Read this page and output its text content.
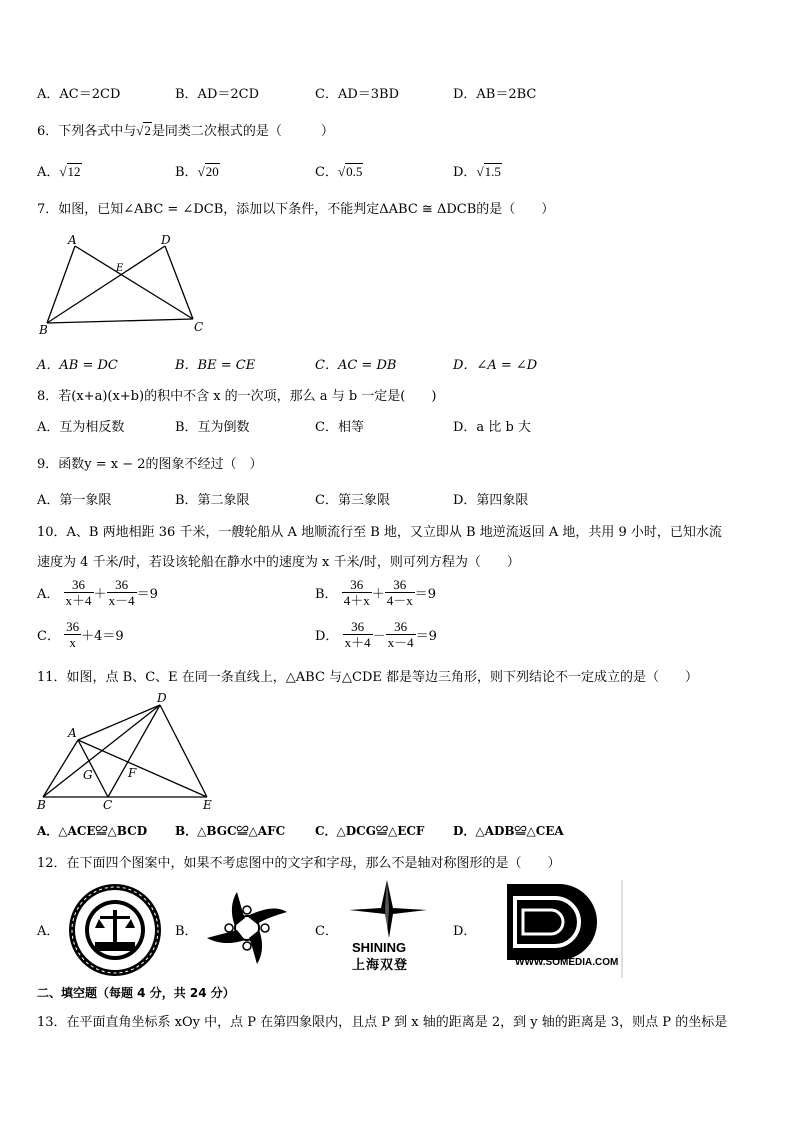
A．AC＝2CD	B．AD＝2CD	C．AD＝3BD	D．AB＝2BC
6．下列各式中与√2是同类二次根式的是（　　　）
A．√12	B．√20	C．√0.5	D．√1.5
7．如图，已知∠ABC = ∠DCB，添加以下条件，不能判定ΔABC ≅ ΔDCB的是（　　）
A	D
E
B	C
A．AB = DC	B．BE = CE	C．AC = DB	D．∠A = ∠D
8．若(x+a)(x+b)的积中不含 x 的一次项，那么 a 与 b 一定是(　　)
A．互为相反数	B．互为倒数	C．相等	D．a 比 b 大
9．函数y = x − 2的图象不经过（　）
A．第一象限	B．第二象限	C．第三象限	D．第四象限
10．A、B 两地相距 36 千米，一艘轮船从 A 地顺流行至 B 地，又立即从 B 地逆流返回 A 地，共用 9 小时，已知水流
速度为 4 千米/时，若设该轮船在静水中的速度为 x 千米/时，则可列方程为（　　）
A． $\frac{36}{x+4} + \frac{36}{x-4} =9$	B． $\frac{36}{4+x} + \frac{36}{4-x} =9$
C． $\frac{36}{x} +4=9$	D． $\frac{36}{x+4} - \frac{36}{x-4} =9$
11．如图，点 B、C、E 在同一条直线上，△ABC 与△CDE 都是等边三角形，则下列结论不一定成立的是（　　）
D
A
G	F
B	C	E
A．△ACE≌△BCD B．△BGC≌△AFC C．△DCG≌△ECF D．△ADB≌△CEA
12．在下面四个图案中，如果不考虑图中的文字和字母，那么不是轴对称图形的是（　　）
A．	B．	C．	D．
SHINING
上海双登	WWW.SOMEDIA.COM
二、填空题（每题 4 分，共 24 分）
13．在平面直角坐标系 xOy 中，点 P 在第四象限内，且点 P 到 x 轴的距离是 2，到 y 轴的距离是 3，则点 P 的坐标是
